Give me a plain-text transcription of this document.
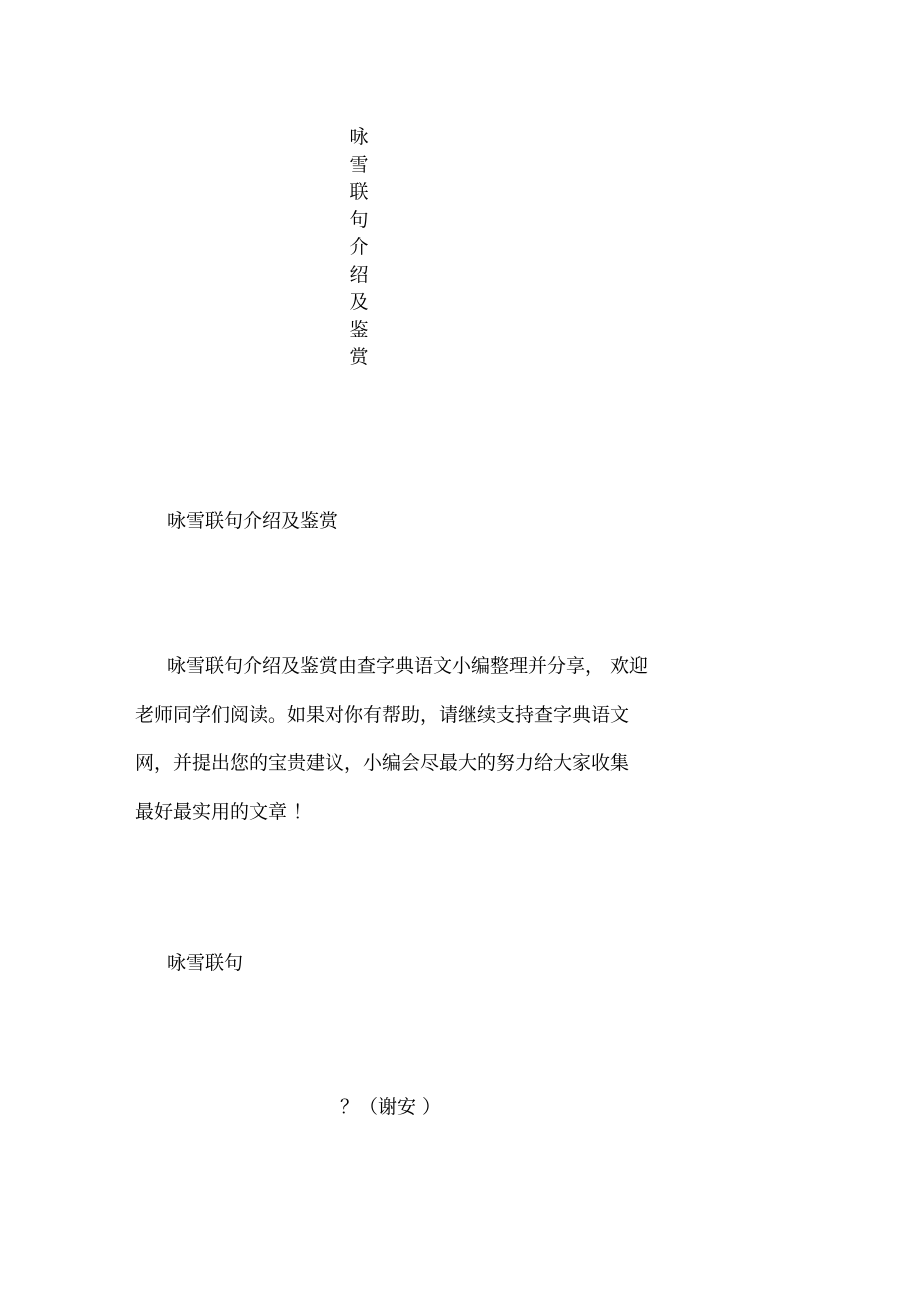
咏
雪
联
句
介
绍
及
鉴
赏
咏雪联句介绍及鉴赏

咏雪联句介绍及鉴赏由查字典语文小编整理并分享， 欢迎
老师同学们阅读。如果对你有帮助，请继续支持查字典语文
网，并提出您的宝贵建议，小编会尽最大的努力给大家收集
最好最实用的文章 ！

咏雪联句

？（谢安 ）
